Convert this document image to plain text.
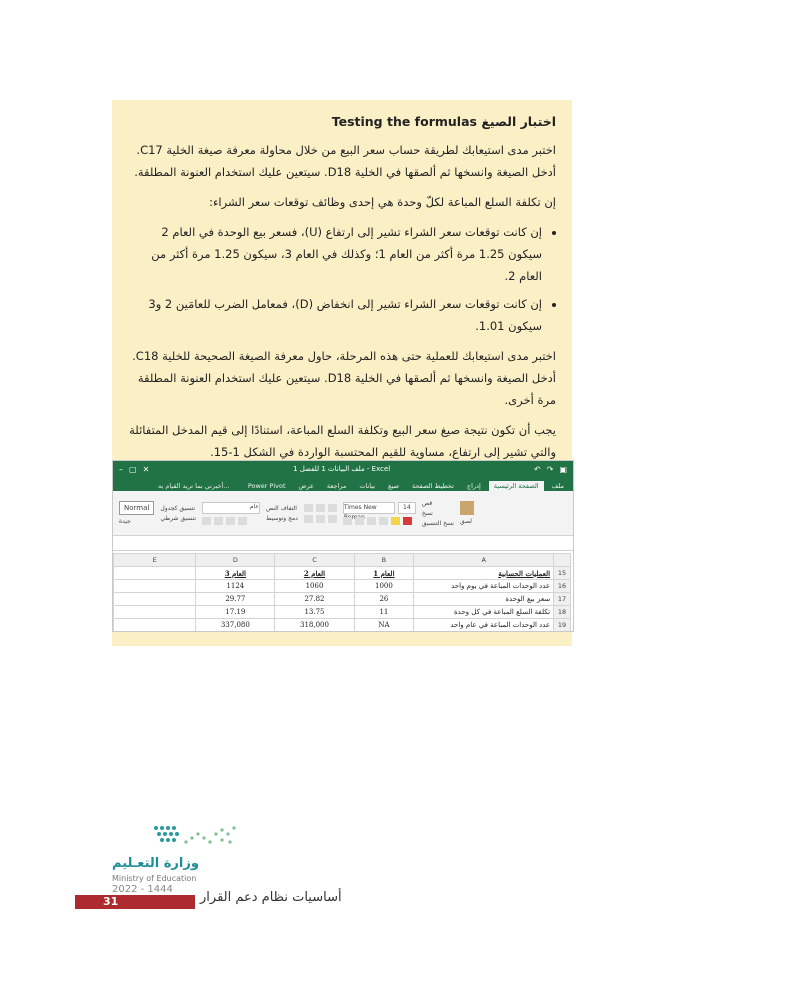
اختبار الصيغ Testing the formulas

اختبر مدى استيعابك لطريقة حساب سعر البيع من خلال محاولة معرفة صيغة الخلية C17. أدخل الصيغة وانسخها ثم ألصقها في الخلية D18. سيتعين عليك استخدام العنونة المطلقة.

إن تكلفة السلع المباعة لكلّ وحدة هي إحدى وظائف توقعات سعر الشراء:

• إن كانت توقعات سعر الشراء تشير إلى ارتفاع (U)، فسعر بيع الوحدة في العام 2 سيكون 1.25 مرة أكثر من العام 1؛ وكذلك في العام 3، سيكون 1.25 مرة أكثر من العام 2.
• إن كانت توقعات سعر الشراء تشير إلى انخفاض (D)، فمعامل الضرب للعامَين 2 و3 سيكون 1.01.

اختبر مدى استيعابك للعملية حتى هذه المرحلة، حاول معرفة الصيغة الصحيحة للخلية C18. أدخل الصيغة وانسخها ثم ألصقها في الخلية D18. سيتعين عليك استخدام العنونة المطلقة مرة أخرى.

يجب أن تكون نتيجة صيغ سعر البيع وتكلفة السلع المباعة، استنادًا إلى قيم المدخل المتفائلة والتي تشير إلى ارتفاع، مساوية للقيم المحتسبة الواردة في الشكل 1-15.

– ▢ ✕	ملف البيانات 1 للفصل 1 - Excel	↶ ↷ ▣
أخبرني بما تريد القيام به...	Power Pivot	عرض	مراجعة	بيانات	صيغ	تخطيط الصفحة	إدراج	الصفحة الرئيسية	ملف
Normal
جيدة
تنسيق كجدول
تنسيق شرطي
عام التفاف النص
دمج وتوسيط
Times New	14
قص
نسخ
نسخ التنسيق لصق
E	D	C	B	A	
	العام 3	العام 2	العام 1	العمليات الحسابية	15
	1124	1060	1000	عدد الوحدات المباعة في يوم واحد	16
	29.77	27.82	26	سعر بيع الوحدة	17
	17.19	13.75	11	تكلفة السلع المباعة في كل وحدة	18
	337,080	318,000	NA	عدد الوحدات المباعة في عام واحد	19
وزارة التعـليم
Ministry of Education
2022 - 1444
31	أساسيات نظام دعم القرار
